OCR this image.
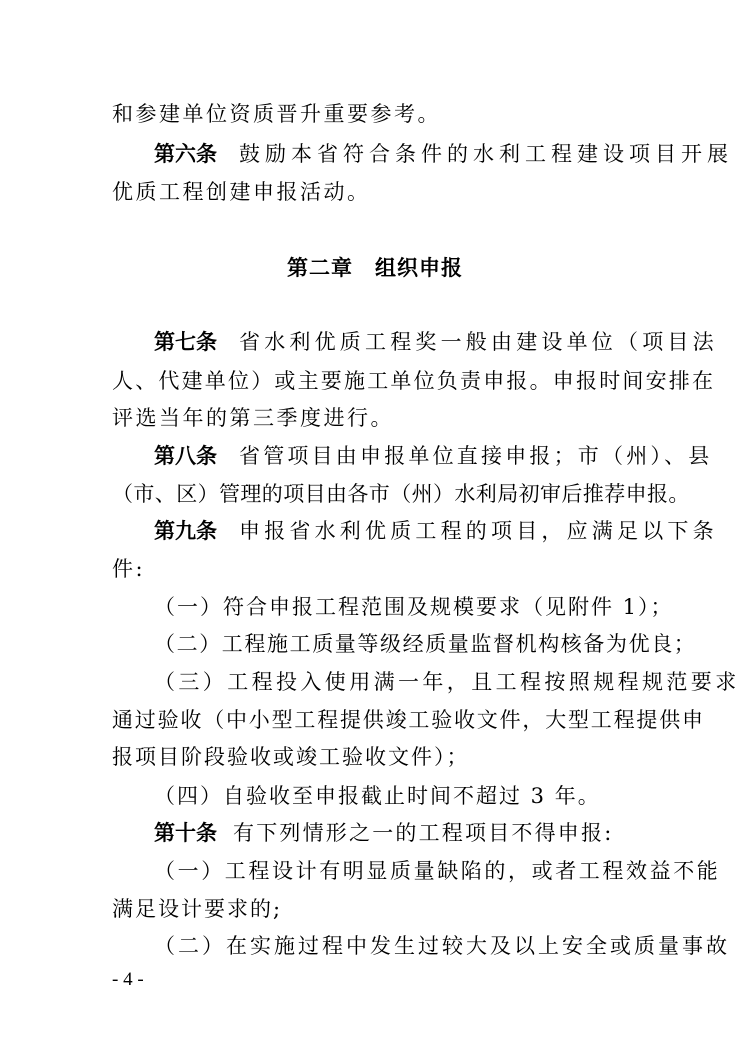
和参建单位资质晋升重要参考。
第六条 鼓励本省符合条件的水利工程建设项目开展
优质工程创建申报活动。
第二章　组织申报
第七条 省水利优质工程奖一般由建设单位（项目法
人、代建单位）或主要施工单位负责申报。申报时间安排在
评选当年的第三季度进行。
第八条 省管项目由申报单位直接申报；市（州）、县
（市、区）管理的项目由各市（州）水利局初审后推荐申报。
第九条 申报省水利优质工程的项目，应满足以下条
件:
（一）符合申报工程范围及规模要求（见附件 1）；
（二）工程施工质量等级经质量监督机构核备为优良；
（三）工程投入使用满一年，且工程按照规程规范要求
通过验收（中小型工程提供竣工验收文件，大型工程提供申
报项目阶段验收或竣工验收文件）；
（四）自验收至申报截止时间不超过 3 年。
第十条 有下列情形之一的工程项目不得申报:
（一）工程设计有明显质量缺陷的，或者工程效益不能
满足设计要求的;
（二）在实施过程中发生过较大及以上安全或质量事故
- 4 -
